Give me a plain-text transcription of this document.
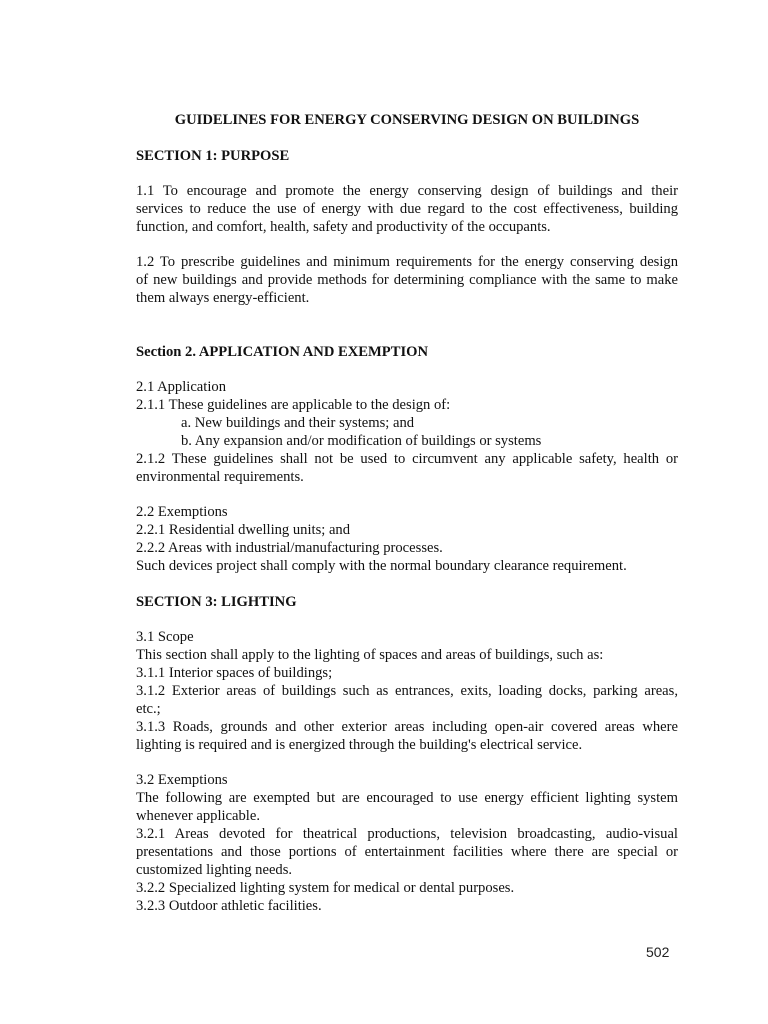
GUIDELINES FOR ENERGY CONSERVING DESIGN ON BUILDINGS
SECTION 1: PURPOSE
1.1 To encourage and promote the energy conserving design of buildings and their
services to reduce the use of energy with due regard to the cost effectiveness, building
function, and comfort, health, safety and productivity of the occupants.
1.2 To prescribe guidelines and minimum requirements for the energy conserving design
of new buildings and provide methods for determining compliance with the same to make
them always energy-efficient.
Section 2. APPLICATION AND EXEMPTION
2.1 Application
2.1.1 These guidelines are applicable to the design of:
a. New buildings and their systems; and
b. Any expansion and/or modification of buildings or systems
2.1.2 These guidelines shall not be used to circumvent any applicable safety, health or
environmental requirements.
2.2 Exemptions
2.2.1 Residential dwelling units; and
2.2.2 Areas with industrial/manufacturing processes.
Such devices project shall comply with the normal boundary clearance requirement.
SECTION 3: LIGHTING
3.1 Scope
This section shall apply to the lighting of spaces and areas of buildings, such as:
3.1.1 Interior spaces of buildings;
3.1.2 Exterior areas of buildings such as entrances, exits, loading docks, parking areas,
etc.;
3.1.3 Roads, grounds and other exterior areas including open-air covered areas where
lighting is required and is energized through the building's electrical service.
3.2 Exemptions
The following are exempted but are encouraged to use energy efficient lighting system
whenever applicable.
3.2.1 Areas devoted for theatrical productions, television broadcasting, audio-visual
presentations and those portions of entertainment facilities where there are special or
customized lighting needs.
3.2.2 Specialized lighting system for medical or dental purposes.
3.2.3 Outdoor athletic facilities.
502
